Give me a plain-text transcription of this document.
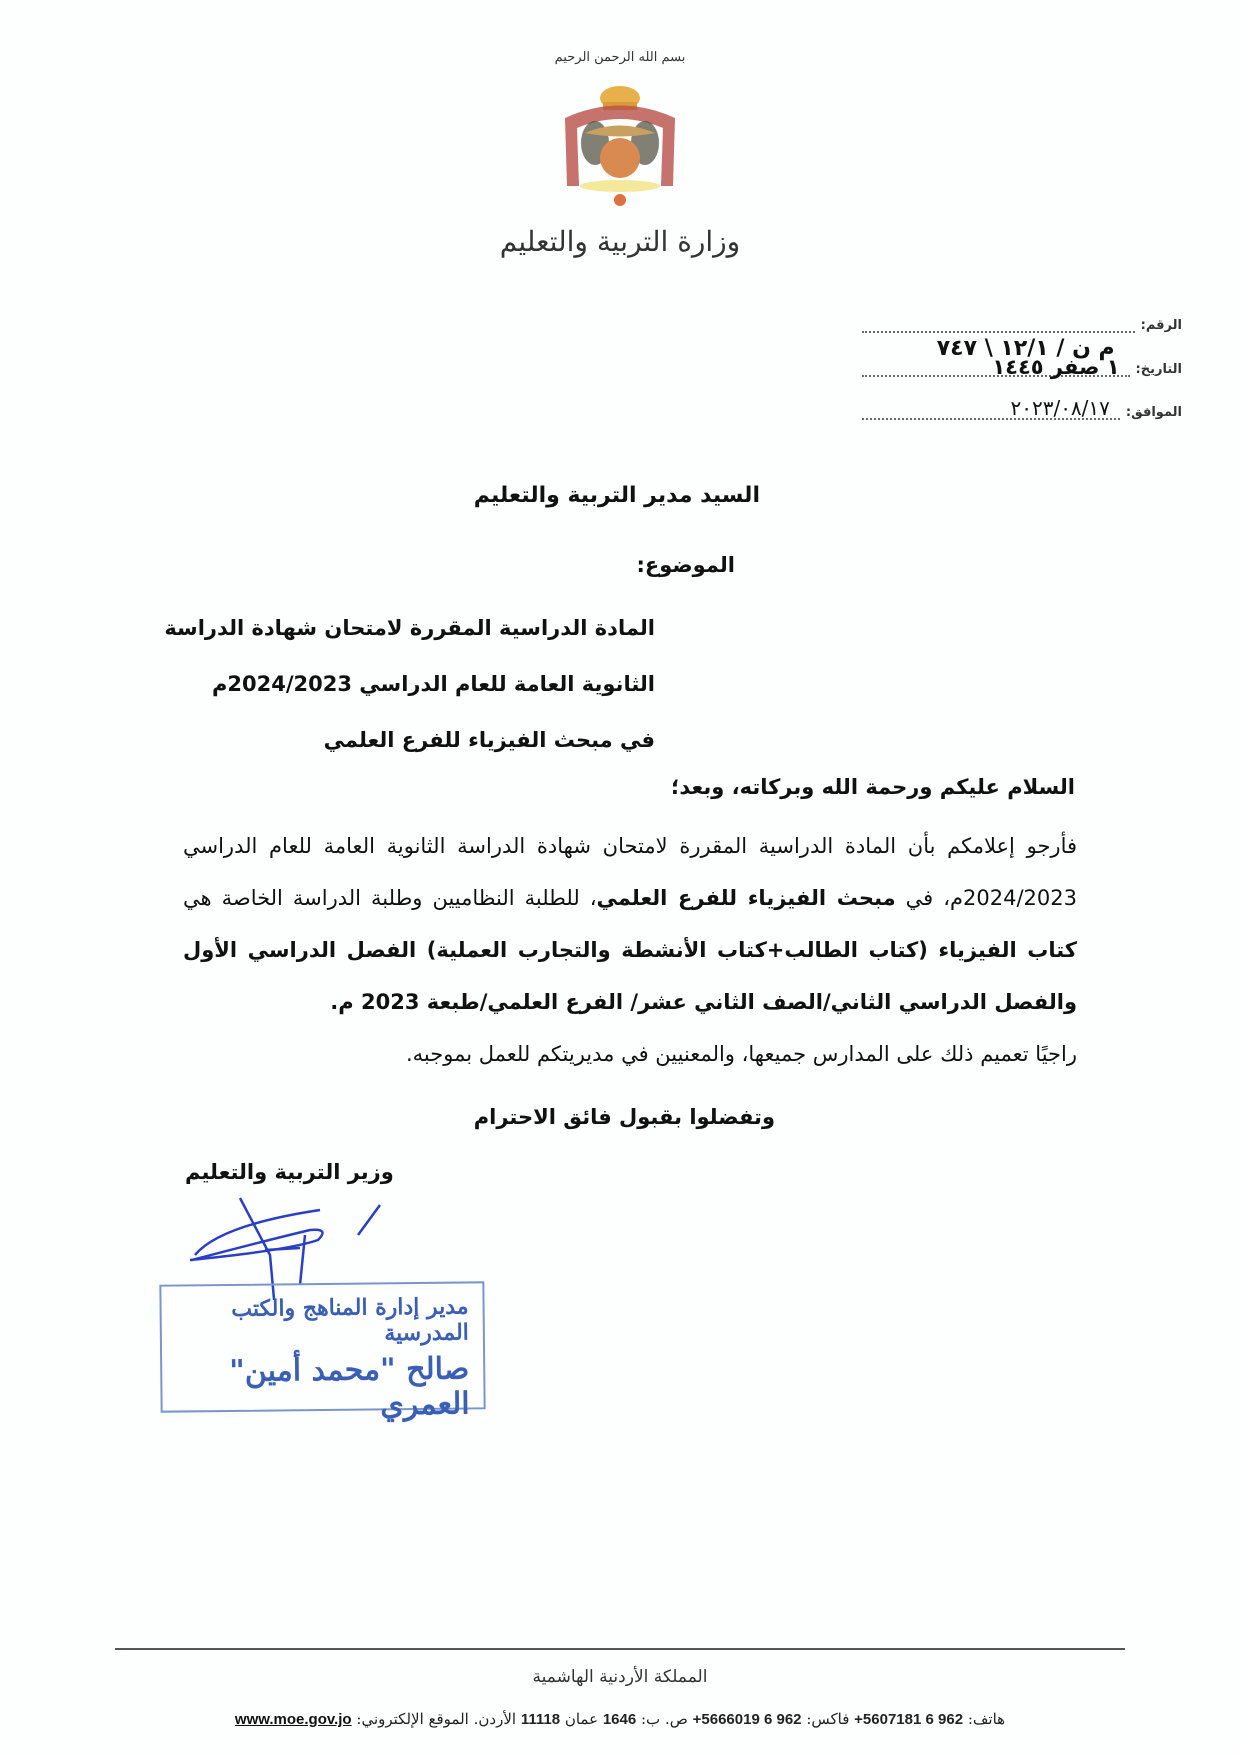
بسم الله الرحمن الرحيم
وزارة التربية والتعليم
الرقم:
م ن / ١٢/١ \ ٧٤٧
التاريخ:
١ صفر ١٤٤٥
الموافق:
٢٠٢٣/٠٨/١٧
السيد مدير التربية والتعليم
الموضوع:
المادة الدراسية المقررة لامتحان شهادة الدراسة
الثانوية العامة للعام الدراسي 2024/2023م
في مبحث الفيزياء للفرع العلمي
السلام عليكم ورحمة الله وبركاته، وبعد؛
فأرجو إعلامكم بأن المادة الدراسية المقررة لامتحان شهادة الدراسة الثانوية العامة للعام الدراسي 2024/2023م، في مبحث الفيزياء للفرع العلمي، للطلبة النظاميين وطلبة الدراسة الخاصة هي كتاب الفيزياء (كتاب الطالب+كتاب الأنشطة والتجارب العملية) الفصل الدراسي الأول والفصل الدراسي الثاني/الصف الثاني عشر/ الفرع العلمي/طبعة 2023 م.
راجيًا تعميم ذلك على المدارس جميعها، والمعنيين في مديريتكم للعمل بموجبه.
وتفضلوا بقبول فائق الاحترام
وزير التربية والتعليم
مدير إدارة المناهج والكتب المدرسية
صالح "محمد أمين" العمري
المملكة الأردنية الهاشمية
هاتف: 962 6 5607181+ فاكس: 962 6 5666019+ ص. ب: 1646 عمان 11118 الأردن. الموقع الإلكتروني: www.moe.gov.jo
